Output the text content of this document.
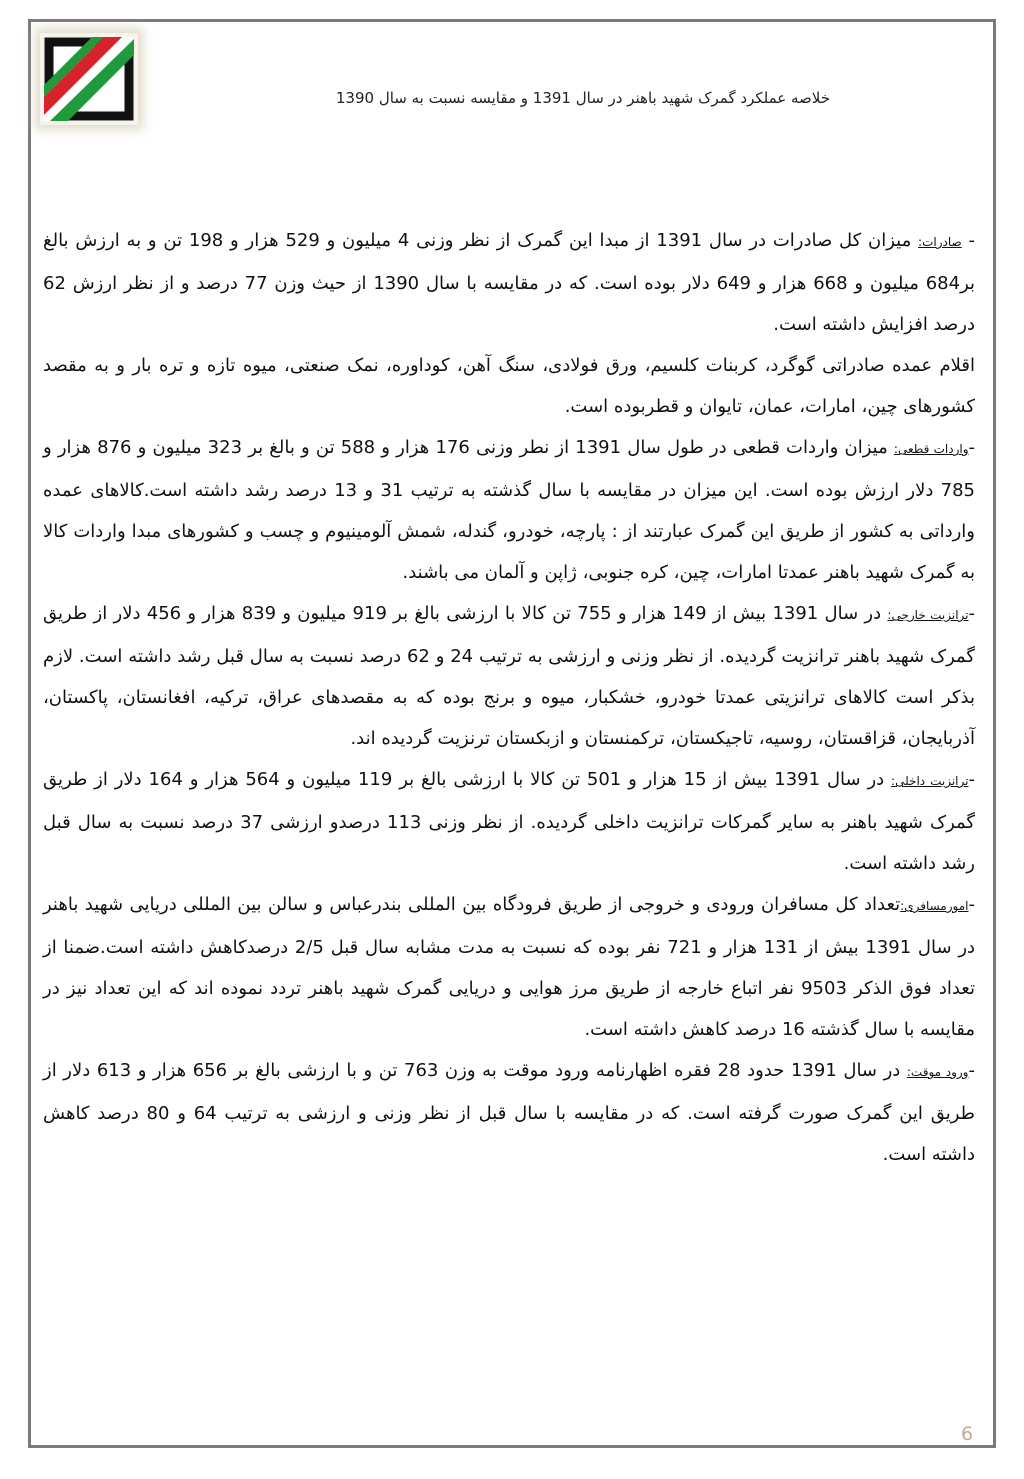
خلاصه عملکرد گمرک شهید باهنر در سال 1391 و مقایسه نسبت به سال 1390

- صادرات: میزان کل صادرات در سال 1391 از مبدا این گمرک از نظر وزنی 4 میلیون و 529 هزار و 198 تن و به ارزش بالغ بر684 میلیون و 668 هزار و 649 دلار بوده است. که در مقایسه با سال 1390 از حیث وزن 77 درصد و از نظر ارزش 62 درصد افزایش داشته است.

اقلام عمده صادراتی گوگرد، کربنات کلسیم، ورق فولادی، سنگ آهن، کوداوره، نمک صنعتی، میوه تازه و تره بار و به مقصد کشورهای چین، امارات، عمان، تایوان و قطربوده است.

-واردات قطعی: میزان واردات قطعی در طول سال 1391 از نطر وزنی 176 هزار و 588 تن و بالغ بر 323 میلیون و 876 هزار و 785 دلار ارزش بوده است. این میزان در مقایسه با سال گذشته به ترتیب 31 و 13 درصد رشد داشته است.کالاهای عمده وارداتی به کشور از طریق این گمرک عبارتند از : پارچه، خودرو، گندله، شمش آلومینیوم و چسب و کشورهای مبدا واردات کالا به گمرک شهید باهنر عمدتا امارات، چین، کره جنوبی، ژاپن و آلمان می باشند.

-ترانزیت خارجی: در سال 1391 بیش از 149 هزار و 755 تن کالا با ارزشی بالغ بر 919 میلیون و 839 هزار و 456 دلار از طریق گمرک شهید باهنر ترانزیت گردیده. از نظر وزنی و ارزشی به ترتیب 24 و 62 درصد نسبت به سال قبل رشد داشته است. لازم بذکر است کالاهای ترانزیتی عمدتا خودرو، خشکبار، میوه و برنج بوده که به مقصدهای عراق، ترکیه، افغانستان، پاکستان، آذربایجان، قزاقستان، روسیه، تاجیکستان، ترکمنستان و ازبکستان ترنزیت گردیده اند.

-ترانزیت داخلی: در سال 1391 بیش از 15 هزار و 501 تن کالا با ارزشی بالغ بر 119 میلیون و 564 هزار و 164 دلار از طریق گمرک شهید باهنر به سایر گمرکات ترانزیت داخلی گردیده. از نظر وزنی 113 درصدو ارزشی 37 درصد نسبت به سال قبل رشد داشته است.

-امورمسافری:تعداد کل مسافران ورودی و خروجی از طریق فرودگاه بین المللی بندرعباس و سالن بین المللی دریایی شهید باهنر در سال 1391 بیش از 131 هزار و 721 نفر بوده که نسبت به مدت مشابه سال قبل 2/5 درصدکاهش داشته است.ضمنا از تعداد فوق الذکر 9503 نفر اتباع خارجه از طریق مرز هوایی و دریایی گمرک شهید باهنر تردد نموده اند که این تعداد نیز در مقایسه با سال گذشته 16 درصد کاهش داشته است.

-ورود موقت: در سال 1391 حدود 28 فقره اظهارنامه ورود موقت به وزن 763 تن و با ارزشی بالغ بر 656 هزار و 613 دلار از طریق این گمرک صورت گرفته است. که در مقایسه با سال قبل از نظر وزنی و ارزشی به ترتیب 64 و 80 درصد کاهش داشته است.

6
